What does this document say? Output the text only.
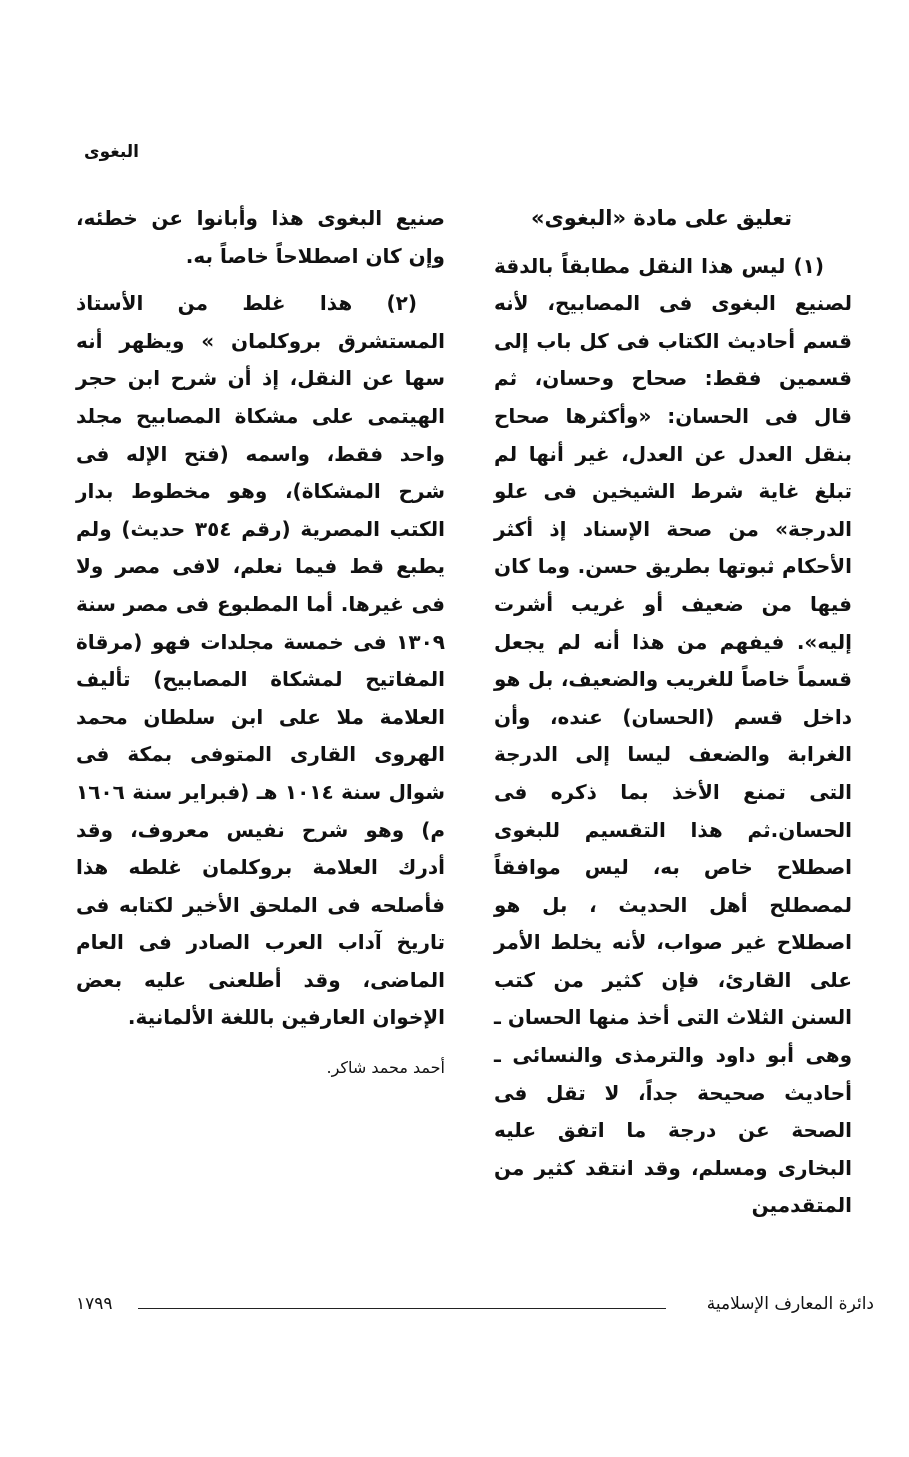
البغوى

تعليق على مادة «البغوى»

(١) ليس هذا النقل مطابقاً بالدقة لصنيع البغوى فى المصابيح، لأنه قسم أحاديث الكتاب فى كل باب إلى قسمين فقط: صحاح وحسان، ثم قال فى الحسان: «وأكثرها صحاح بنقل العدل عن العدل، غير أنها لم تبلغ غاية شرط الشيخين فى علو الدرجة» من صحة الإسناد إذ أكثر الأحكام ثبوتها بطريق حسن. وما كان فيها من ضعيف أو غريب أشرت إليه». فيفهم من هذا أنه لم يجعل قسماً خاصاً للغريب والضعيف، بل هو داخل قسم (الحسان) عنده، وأن الغرابة والضعف ليسا إلى الدرجة التى تمنع الأخذ بما ذكره فى الحسان.ثم هذا التقسيم للبغوى اصطلاح خاص به، ليس موافقاً لمصطلح أهل الحديث ، بل هو اصطلاح غير صواب، لأنه يخلط الأمر على القارئ، فإن كثير من كتب السنن الثلاث التى أخذ منها الحسان ـ وهى أبو داود والترمذى والنسائى ـ أحاديث صحيحة جداً، لا تقل فى الصحة عن درجة ما اتفق عليه البخارى ومسلم، وقد انتقد كثير من المتقدمين

صنيع البغوى هذا وأبانوا عن خطئه، وإن كان اصطلاحاً خاصاً به.

(٢) هذا غلط من الأستاذ المستشرق بروكلمان » ويظهر أنه سها عن النقل، إذ أن شرح ابن حجر الهيتمى على مشكاة المصابيح مجلد واحد فقط، واسمه (فتح الإله فى شرح المشكاة)، وهو مخطوط بدار الكتب المصرية (رقم ٣٥٤ حديث) ولم يطبع قط فيما نعلم، لافى مصر ولا فى غيرها. أما المطبوع فى مصر سنة ١٣٠٩ فى خمسة مجلدات فهو (مرقاة المفاتيح لمشكاة المصابيح) تأليف العلامة ملا على ابن سلطان محمد الهروى القارى المتوفى بمكة فى شوال سنة ١٠١٤ هـ (فبراير سنة ١٦٠٦ م) وهو شرح نفيس معروف، وقد أدرك العلامة بروكلمان غلطه هذا فأصلحه فى الملحق الأخير لكتابه فى تاريخ آداب العرب الصادر فى العام الماضى، وقد أطلعنى عليه بعض الإخوان العارفين باللغة الألمانية.

أحمد محمد شاكر.

دائرة المعارف الإسلامية
١٧٩٩
